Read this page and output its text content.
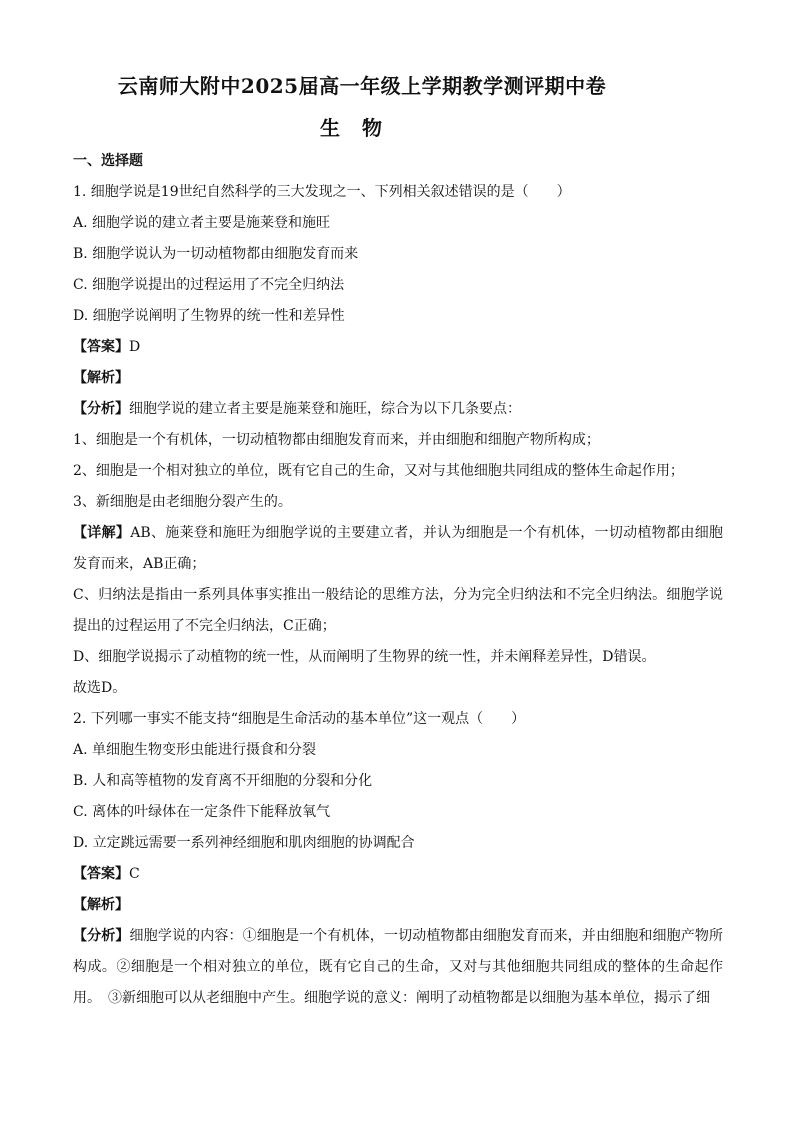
云南师大附中2025届高一年级上学期教学测评期中卷
生物

一、选择题

1. 细胞学说是19世纪自然科学的三大发现之一、下列相关叙述错误的是（　　）

A. 细胞学说的建立者主要是施莱登和施旺

B. 细胞学说认为一切动植物都由细胞发育而来

C. 细胞学说提出的过程运用了不完全归纳法

D. 细胞学说阐明了生物界的统一性和差异性

【答案】D

【解析】

【分析】细胞学说的建立者主要是施莱登和施旺，综合为以下几条要点：

1、细胞是一个有机体，一切动植物都由细胞发育而来，并由细胞和细胞产物所构成；

2、细胞是一个相对独立的单位，既有它自己的生命，又对与其他细胞共同组成的整体生命起作用；

3、新细胞是由老细胞分裂产生的。

【详解】AB、施莱登和施旺为细胞学说的主要建立者，并认为细胞是一个有机体，一切动植物都由细胞发育而来，AB正确；

C、归纳法是指由一系列具体事实推出一般结论的思维方法，分为完全归纳法和不完全归纳法。细胞学说提出的过程运用了不完全归纳法，C正确；

D、细胞学说揭示了动植物的统一性，从而阐明了生物界的统一性，并未阐释差异性，D错误。

故选D。

2. 下列哪一事实不能支持“细胞是生命活动的基本单位”这一观点（　　）

A. 单细胞生物变形虫能进行摄食和分裂

B. 人和高等植物的发育离不开细胞的分裂和分化

C. 离体的叶绿体在一定条件下能释放氧气

D. 立定跳远需要一系列神经细胞和肌肉细胞的协调配合

【答案】C

【解析】

【分析】细胞学说的内容：①细胞是一个有机体，一切动植物都由细胞发育而来，并由细胞和细胞产物所构成。②细胞是一个相对独立的单位，既有它自己的生命，又对与其他细胞共同组成的整体的生命起作用。　③新细胞可以从老细胞中产生。细胞学说的意义：阐明了动植物都是以细胞为基本单位，揭示了细
